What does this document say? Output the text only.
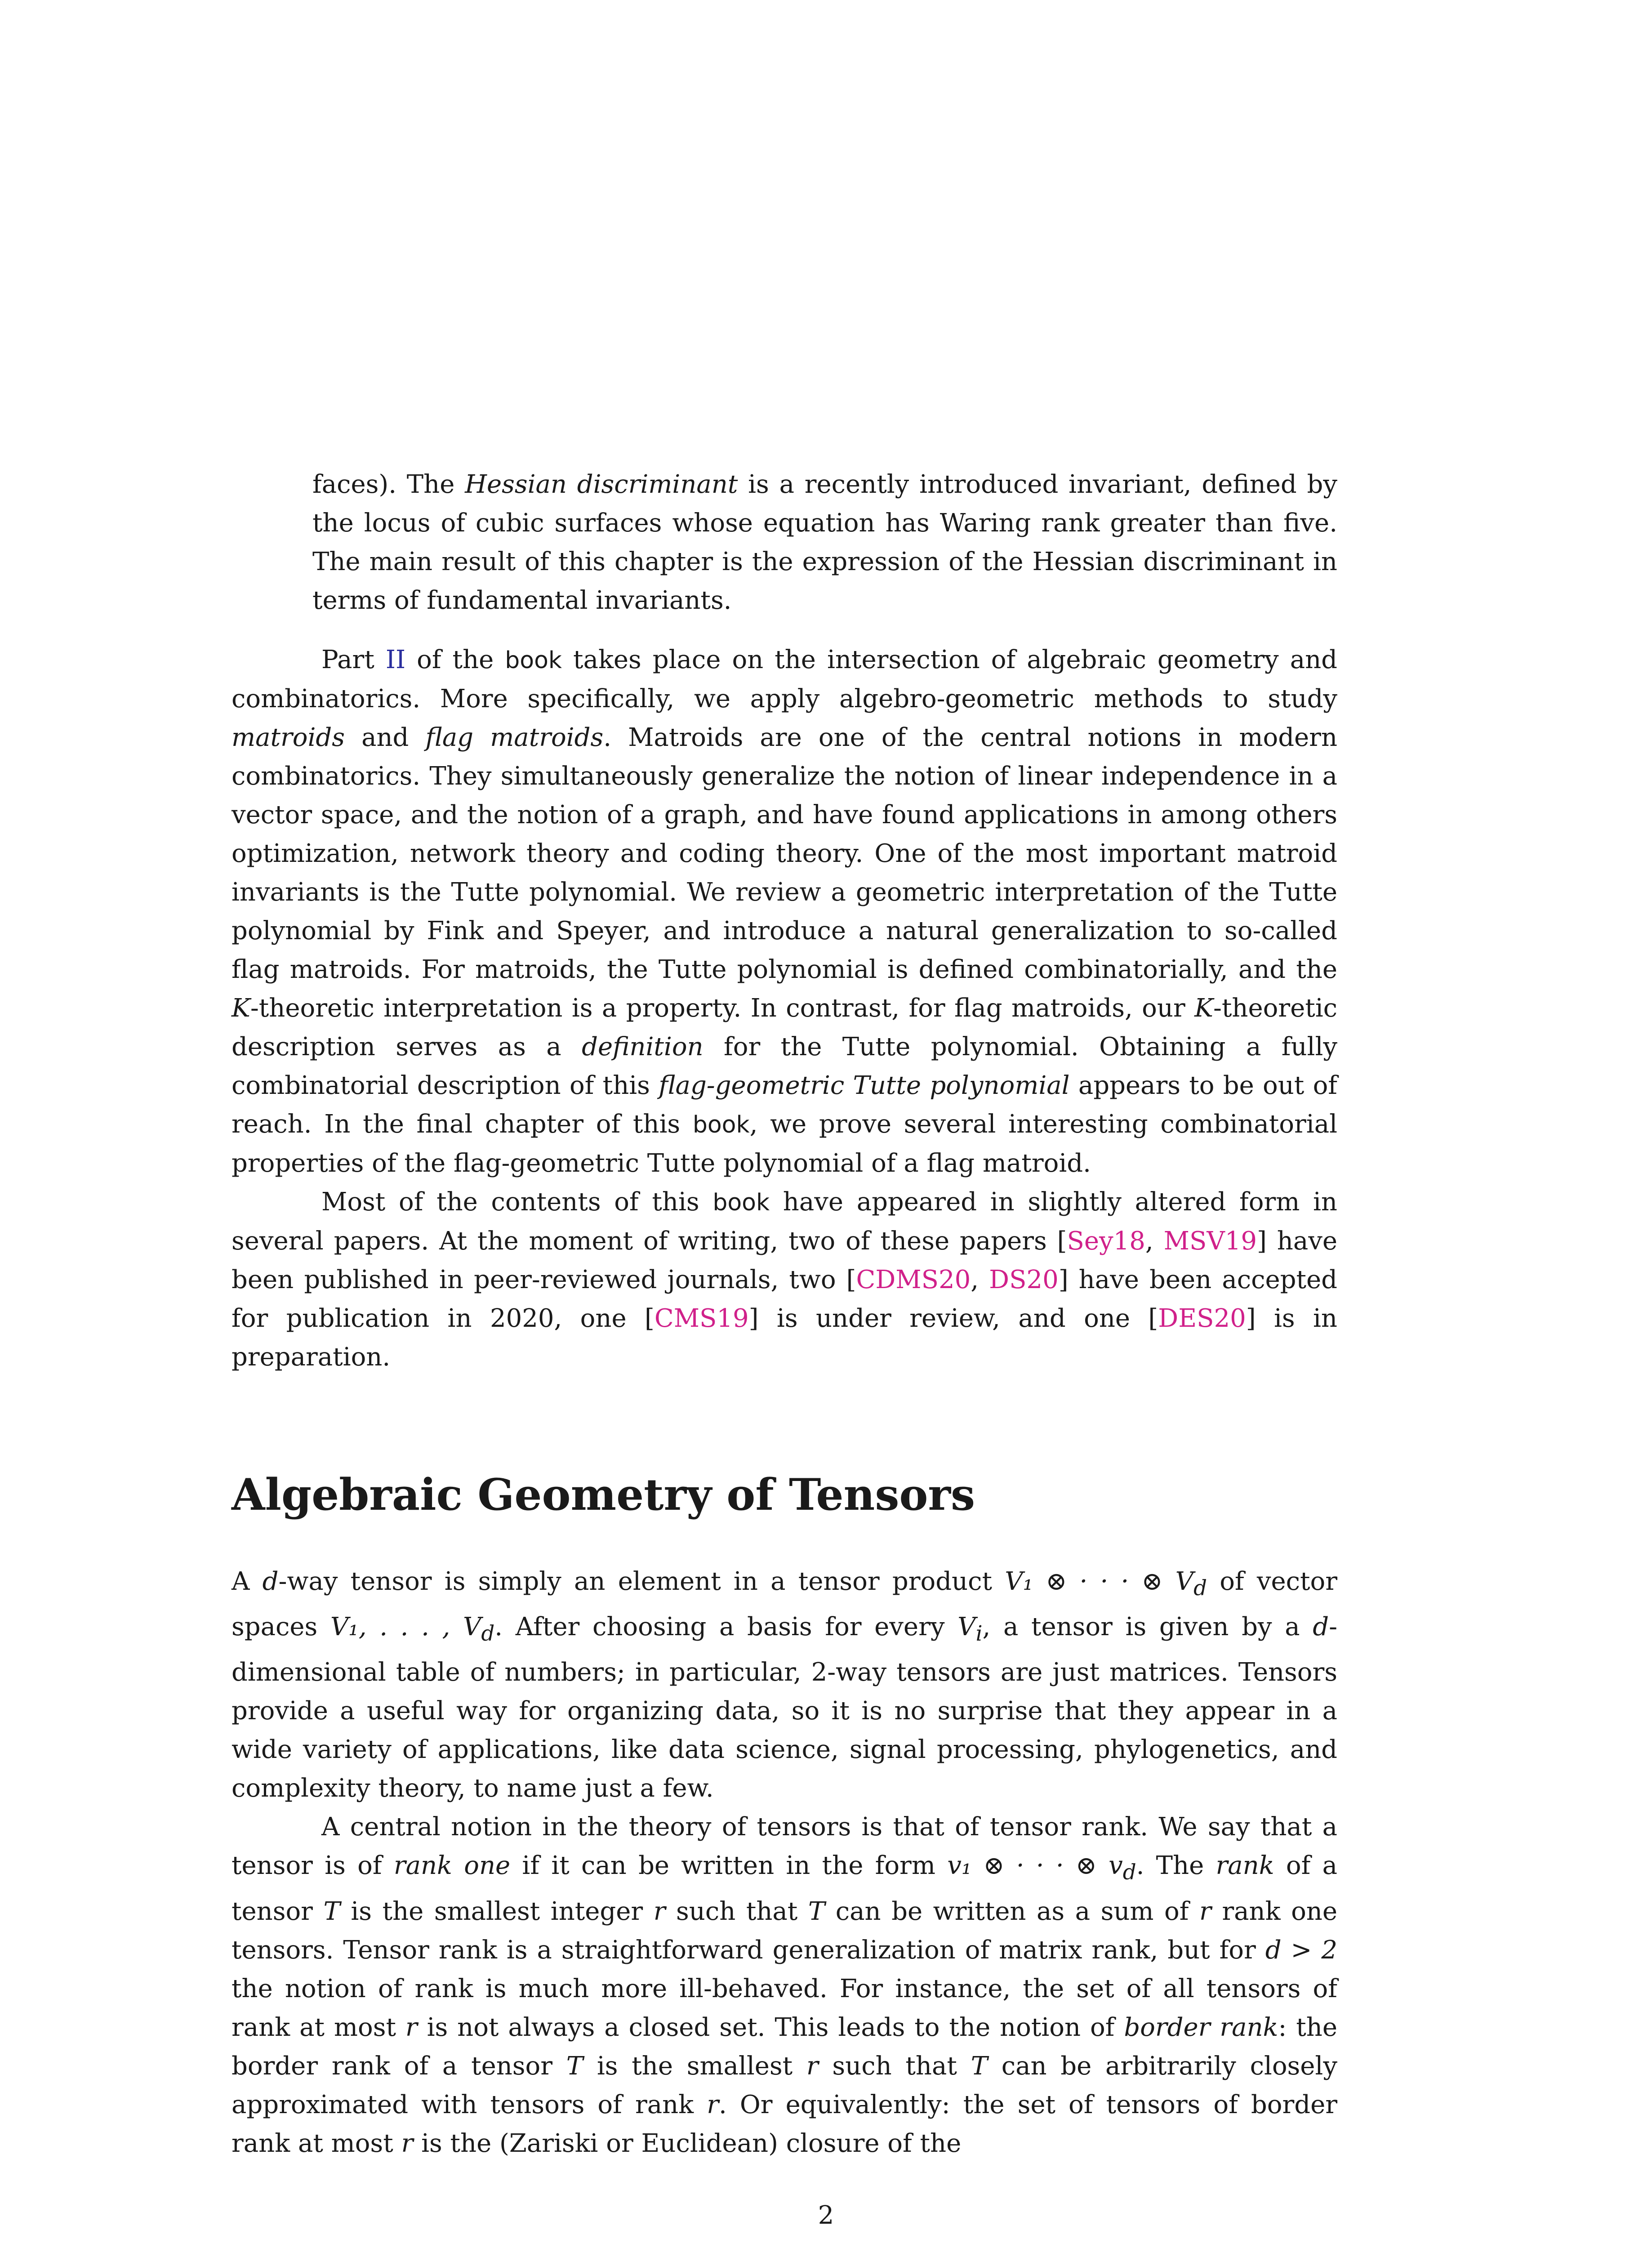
faces). The Hessian discriminant is a recently introduced invariant, defined by the locus of cubic surfaces whose equation has Waring rank greater than five. The main result of this chapter is the expression of the Hessian discriminant in terms of fundamental invariants.

Part II of the book takes place on the intersection of algebraic geometry and combinatorics. More specifically, we apply algebro-geometric methods to study matroids and flag matroids. Matroids are one of the central notions in modern combinatorics. They simultaneously generalize the notion of linear independence in a vector space, and the notion of a graph, and have found applications in among others optimization, network theory and coding theory. One of the most important matroid invariants is the Tutte polynomial. We review a geometric interpretation of the Tutte polynomial by Fink and Speyer, and introduce a natural generalization to so-called flag matroids. For matroids, the Tutte polynomial is defined combinatorially, and the K-theoretic interpretation is a property. In contrast, for flag matroids, our K-theoretic description serves as a definition for the Tutte polynomial. Obtaining a fully combinatorial description of this flag-geometric Tutte polynomial appears to be out of reach. In the final chapter of this book, we prove several interesting combinatorial properties of the flag-geometric Tutte polynomial of a flag matroid.

Most of the contents of this book have appeared in slightly altered form in several papers. At the moment of writing, two of these papers [Sey18, MSV19] have been published in peer-reviewed journals, two [CDMS20, DS20] have been accepted for publication in 2020, one [CMS19] is under review, and one [DES20] is in preparation.

Algebraic Geometry of Tensors

A d-way tensor is simply an element in a tensor product V₁ ⊗ · · · ⊗ $V_d$ of vector spaces V₁, . . . , $V_d$. After choosing a basis for every $V_i$, a tensor is given by a d-dimensional table of numbers; in particular, 2-way tensors are just matrices. Tensors provide a useful way for organizing data, so it is no surprise that they appear in a wide variety of applications, like data science, signal processing, phylogenetics, and complexity theory, to name just a few.

A central notion in the theory of tensors is that of tensor rank. We say that a tensor is of rank one if it can be written in the form v₁ ⊗ · · · ⊗ $v_d$. The rank of a tensor T is the smallest integer r such that T can be written as a sum of r rank one tensors. Tensor rank is a straightforward generalization of matrix rank, but for d > 2 the notion of rank is much more ill-behaved. For instance, the set of all tensors of rank at most r is not always a closed set. This leads to the notion of border rank: the border rank of a tensor T is the smallest r such that T can be arbitrarily closely approximated with tensors of rank r. Or equivalently: the set of tensors of border rank at most r is the (Zariski or Euclidean) closure of the

2
